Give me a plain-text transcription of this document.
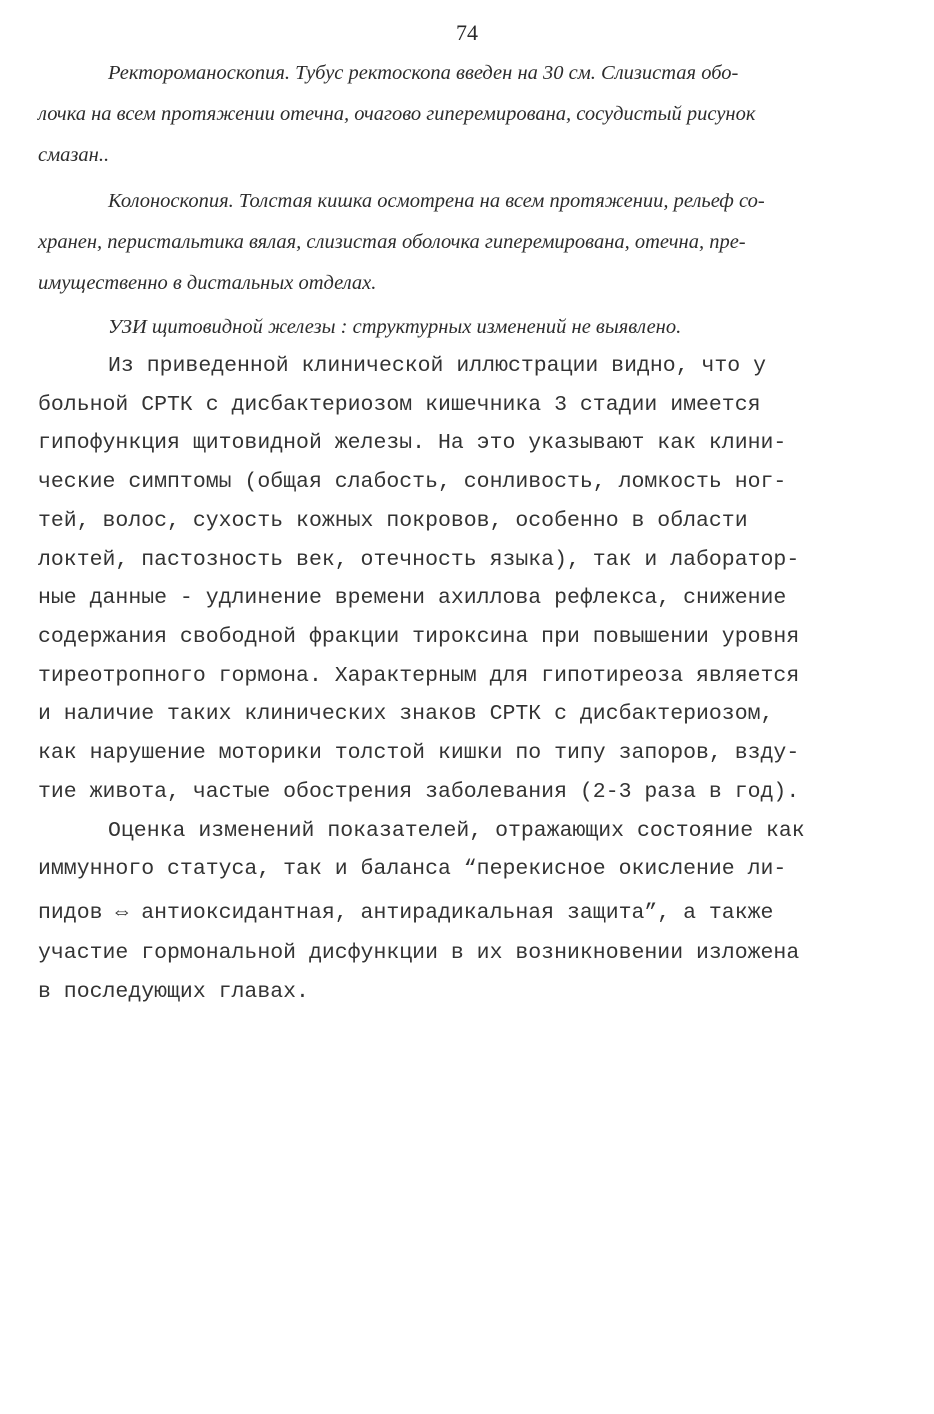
74
Ректороманоскопия. Тубус ректоскопа введен на 30 см. Слизистая обо-
лочка на всем протяжении отечна, очагово гиперемирована, сосудистый рисунок
смазан..
Колоноскопия. Толстая кишка осмотрена на всем протяжении, рельеф со-
хранен, перистальтика вялая, слизистая оболочка гиперемирована, отечна, пре-
имущественно в дистальных отделах.
УЗИ щитовидной железы : структурных изменений не выявлено.
Из приведенной клинической иллюстрации видно, что у
больной СРТК с дисбактериозом кишечника 3 стадии имеется
гипофункция щитовидной железы. На это указывают как клини-
ческие симптомы (общая слабость, сонливость, ломкость ног-
тей, волос, сухость кожных покровов, особенно в области
локтей, пастозность век, отечность языка), так и лаборатор-
ные данные - удлинение времени ахиллова рефлекса, снижение
содержания свободной фракции тироксина при повышении уровня
тиреотропного гормона. Характерным для гипотиреоза является
и наличие таких клинических знаков СРТК с дисбактериозом,
как нарушение моторики толстой кишки по типу запоров, взду-
тие живота, частые обострения заболевания (2-3 раза в год).
Оценка изменений показателей, отражающих состояние как
иммунного статуса, так и баланса “перекисное окисление ли-
пидов ⇔ антиоксидантная, антирадикальная защита”, а также
участие гормональной дисфункции в их возникновении изложена
в последующих главах.
